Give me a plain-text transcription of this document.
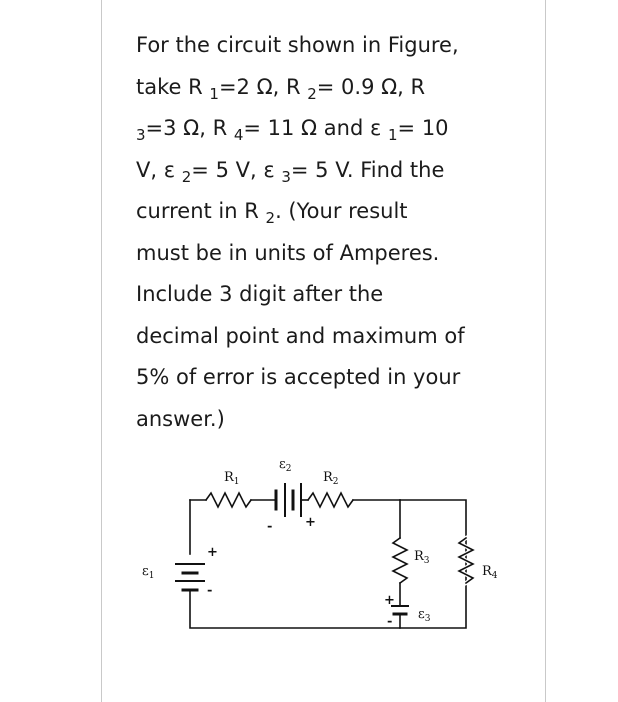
For the circuit shown in Figure,
take R $_1$=2 Ω, R $_2$= 0.9 Ω, R
$_3$=3 Ω, R $_4$= 11 Ω and ε $_1$= 10
V, ε $_2$= 5 V, ε $_3$= 5 V. Find the
current in R $_2$. (Your result
must be in units of Amperes.
Include 3 digit after the
decimal point and maximum of
5% of error is accepted in your
answer.)
$R_1$
$\varepsilon_2$
$R_2$
$R_3$
$\varepsilon_3$
$R_4$
$\varepsilon_1$
+
-
-	+
+
-
